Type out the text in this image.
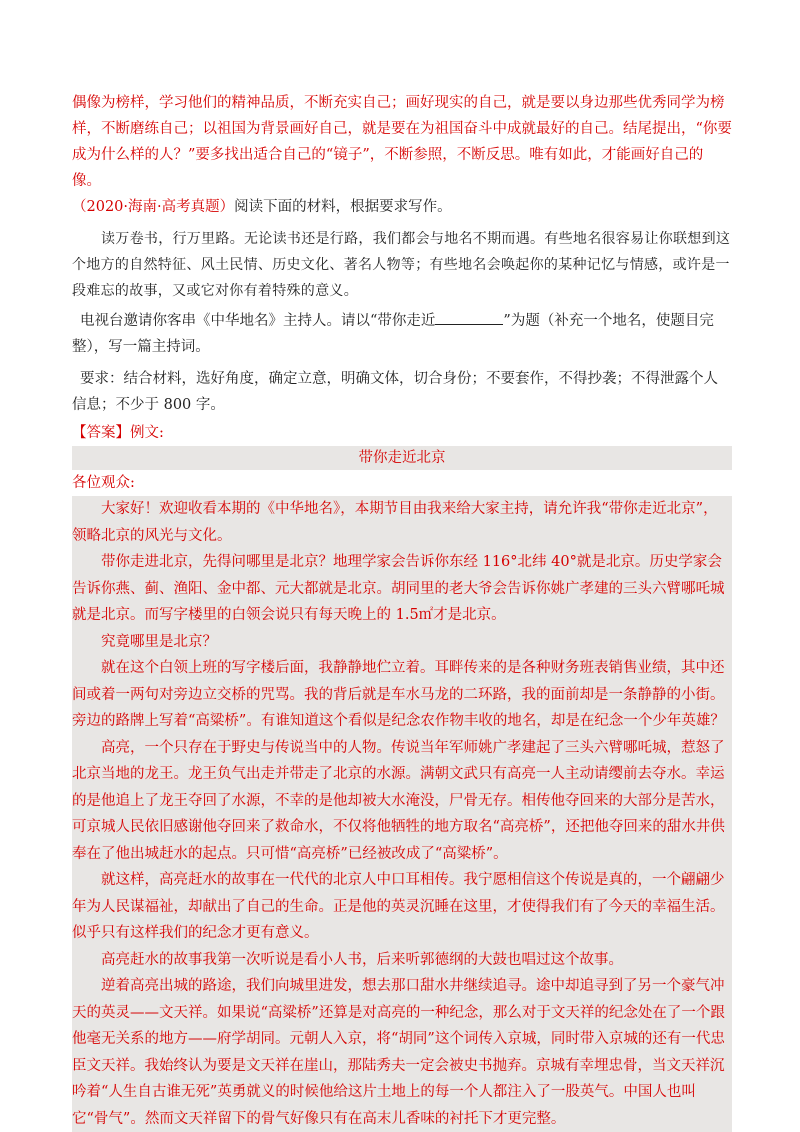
偶像为榜样，学习他们的精神品质，不断充实自己；画好现实的自己，就是要以身边那些优秀同学为榜样，不断磨练自己；以祖国为背景画好自己，就是要在为祖国奋斗中成就最好的自己。结尾提出，“你要成为什么样的人？”要多找出适合自己的“镜子”，不断参照，不断反思。唯有如此，才能画好自己的像。

（2020·海南·高考真题）阅读下面的材料，根据要求写作。

读万卷书，行万里路。无论读书还是行路，我们都会与地名不期而遇。有些地名很容易让你联想到这个地方的自然特征、风土民情、历史文化、著名人物等；有些地名会唤起你的某种记忆与情感，或许是一段难忘的故事，又或它对你有着特殊的意义。

电视台邀请你客串《中华地名》主持人。请以“带你走近	”为题（补充一个地名，使题目完整），写一篇主持词。

要求：结合材料，选好角度，确定立意，明确文体，切合身份；不要套作，不得抄袭；不得泄露个人信息；不少于 800 字。

【答案】例文:
带你走近北京

各位观众:

大家好！欢迎收看本期的《中华地名》，本期节目由我来给大家主持，请允许我“带你走近北京”，领略北京的风光与文化。

带你走进北京，先得问哪里是北京？地理学家会告诉你东经 116°北纬 40°就是北京。历史学家会告诉你燕、蓟、渔阳、金中都、元大都就是北京。胡同里的老大爷会告诉你姚广孝建的三头六臂哪吒城就是北京。而写字楼里的白领会说只有每天晚上的 1.5㎡才是北京。

究竟哪里是北京？

就在这个白领上班的写字楼后面，我静静地伫立着。耳畔传来的是各种财务班表销售业绩，其中还间或着一两句对旁边立交桥的咒骂。我的背后就是车水马龙的二环路，我的面前却是一条静静的小街。旁边的路牌上写着“高粱桥”。有谁知道这个看似是纪念农作物丰收的地名，却是在纪念一个少年英雄？

高亮，一个只存在于野史与传说当中的人物。传说当年军师姚广孝建起了三头六臂哪吒城，惹怒了北京当地的龙王。龙王负气出走并带走了北京的水源。满朝文武只有高亮一人主动请缨前去夺水。幸运的是他追上了龙王夺回了水源，不幸的是他却被大水淹没，尸骨无存。相传他夺回来的大部分是苦水，可京城人民依旧感谢他夺回来了救命水，不仅将他牺牲的地方取名“高亮桥”，还把他夺回来的甜水井供奉在了他出城赶水的起点。只可惜“高亮桥”已经被改成了“高粱桥”。

就这样，高亮赶水的故事在一代代的北京人中口耳相传。我宁愿相信这个传说是真的，一个翩翩少年为人民谋福祉，却献出了自己的生命。正是他的英灵沉睡在这里，才使得我们有了今天的幸福生活。似乎只有这样我们的纪念才更有意义。

高亮赶水的故事我第一次听说是看小人书，后来听郭德纲的大鼓也唱过这个故事。

逆着高亮出城的路途，我们向城里进发，想去那口甜水井继续追寻。途中却追寻到了另一个豪气冲天的英灵——文天祥。如果说“高粱桥”还算是对高亮的一种纪念，那么对于文天祥的纪念处在了一个跟他毫无关系的地方——府学胡同。元朝人入京，将“胡同”这个词传入京城，同时带入京城的还有一代忠臣文天祥。我始终认为要是文天祥在崖山，那陆秀夫一定会被史书抛弃。京城有幸埋忠骨，当文天祥沉吟着“人生自古谁无死”英勇就义的时候他给这片土地上的每一个人都注入了一股英气。中国人也叫它“骨气”。然而文天祥留下的骨气好像只有在高末儿香味的衬托下才更完整。
